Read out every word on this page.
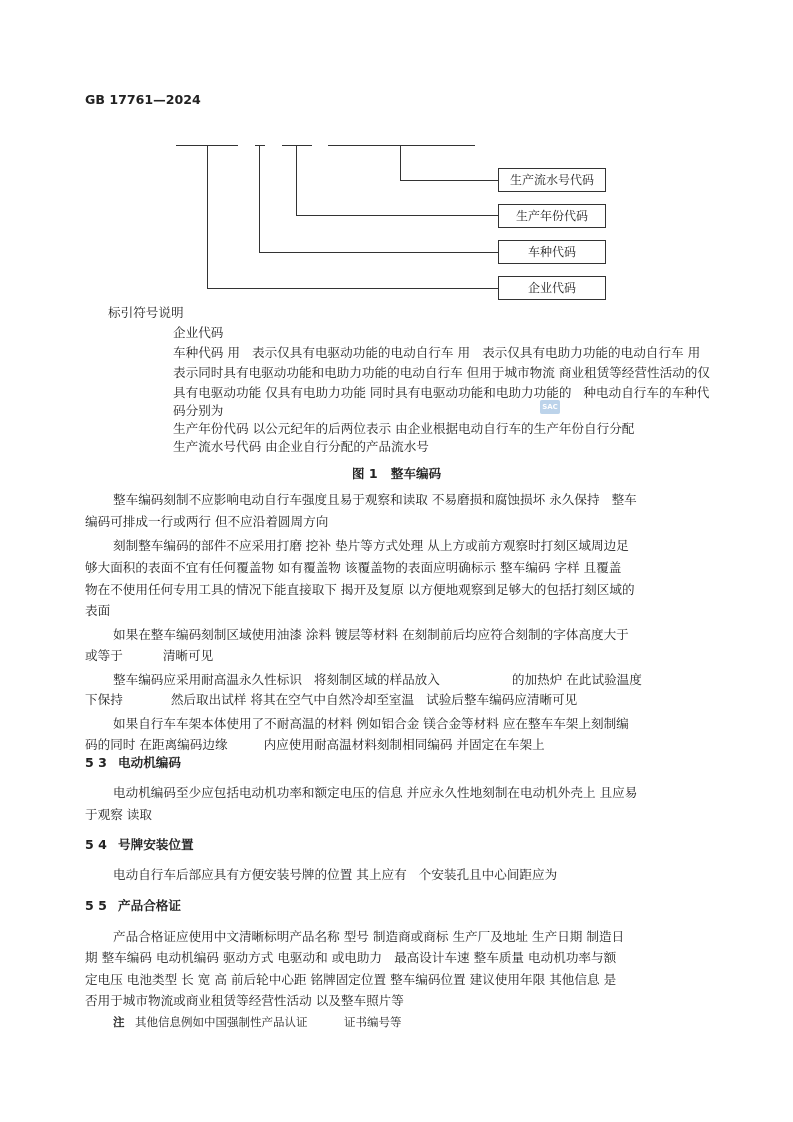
GB 17761—2024
生产流水号代码
生产年份代码
车种代码
企业代码
SAC
标引符号说明
企业代码
车种代码 用   表示仅具有电驱动功能的电动自行车 用   表示仅具有电助力功能的电动自行车 用
表示同时具有电驱动功能和电助力功能的电动自行车 但用于城市物流 商业租赁等经营性活动的仅
具有电驱动功能 仅具有电助力功能 同时具有电驱动功能和电助力功能的   种电动自行车的车种代
码分别为
生产年份代码 以公元纪年的后两位表示 由企业根据电动自行车的生产年份自行分配
生产流水号代码 由企业自行分配的产品流水号
图 1   整车编码
整车编码刻制不应影响电动自行车强度且易于观察和读取 不易磨损和腐蚀损坏 永久保持   整车
编码可排成一行或两行 但不应沿着圆周方向
刻制整车编码的部件不应采用打磨 挖补 垫片等方式处理 从上方或前方观察时打刻区域周边足
够大面积的表面不宜有任何覆盖物 如有覆盖物 该覆盖物的表面应明确标示 整车编码 字样 且覆盖
物在不使用任何专用工具的情况下能直接取下 揭开及复原 以方便地观察到足够大的包括打刻区域的
表面
如果在整车编码刻制区域使用油漆 涂料 镀层等材料 在刻制前后均应符合刻制的字体高度大于
或等于          清晰可见
整车编码应采用耐高温永久性标识   将刻制区域的样品放入                  的加热炉 在此试验温度
下保持            然后取出试样 将其在空气中自然冷却至室温   试验后整车编码应清晰可见
如果自行车车架本体使用了不耐高温的材料 例如铝合金 镁合金等材料 应在整车车架上刻制编
码的同时 在距离编码边缘         内应使用耐高温材料刻制相同编码 并固定在车架上
5 3 电动机编码
电动机编码至少应包括电动机功率和额定电压的信息 并应永久性地刻制在电动机外壳上 且应易
于观察 读取
5 4 号牌安装位置
电动自行车后部应具有方便安装号牌的位置 其上应有   个安装孔且中心间距应为
5 5 产品合格证
产品合格证应使用中文清晰标明产品名称 型号 制造商或商标 生产厂及地址 生产日期 制造日
期 整车编码 电动机编码 驱动方式 电驱动和 或电助力   最高设计车速 整车质量 电动机功率与额
定电压 电池类型 长 宽 高 前后轮中心距 铭牌固定位置 整车编码位置 建议使用年限 其他信息 是
否用于城市物流或商业租赁等经营性活动 以及整车照片等
注 其他信息例如中国强制性产品认证          证书编号等
